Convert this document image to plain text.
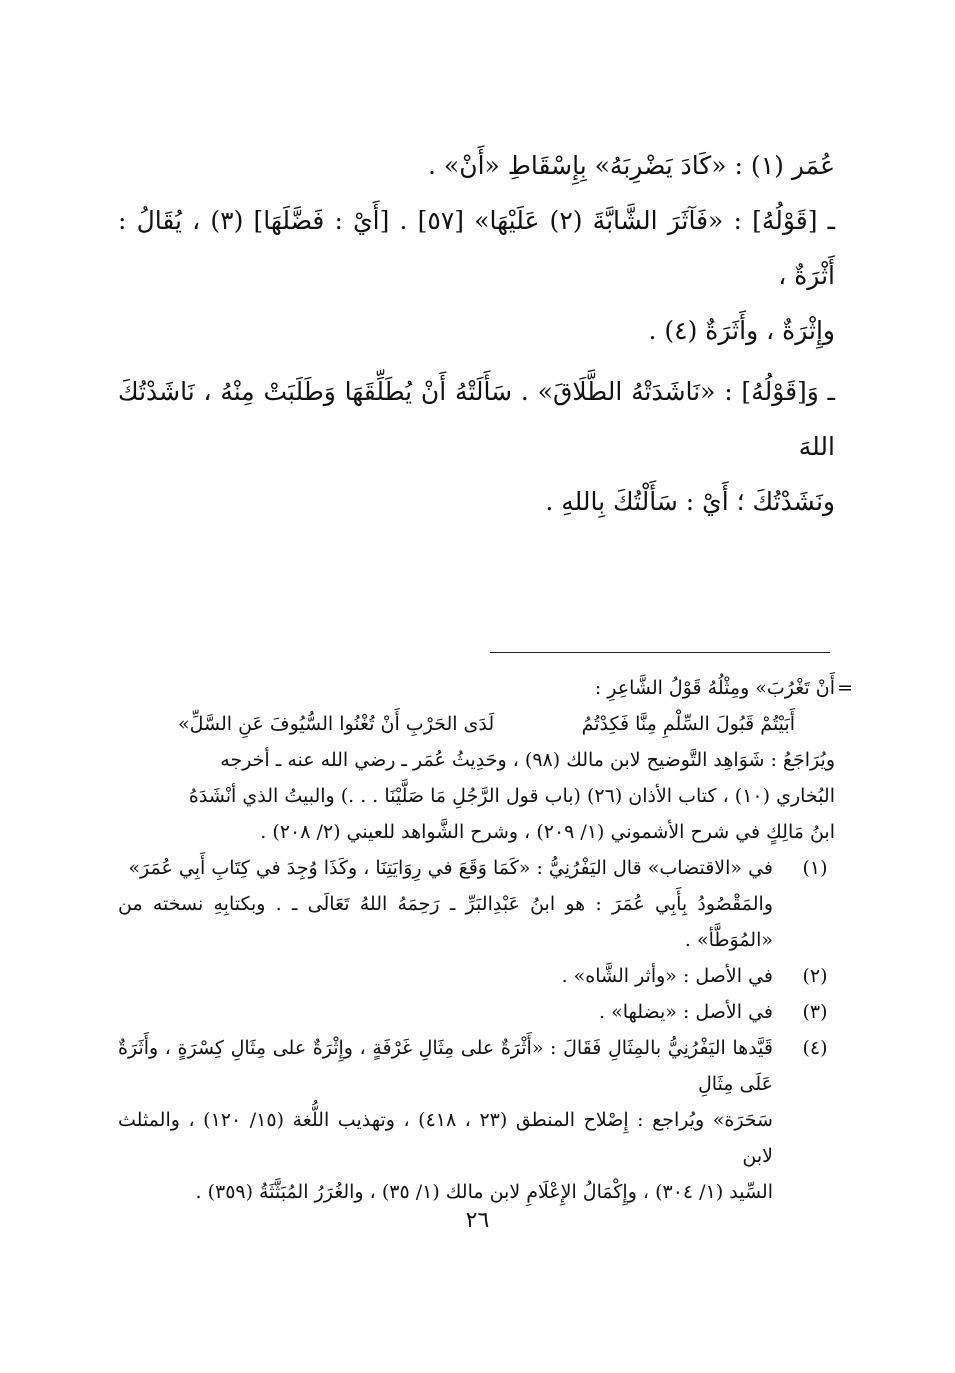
عُمَر (١) : «كَادَ يَضْرِبَهُ» بِإِسْقَاطِ «أَنْ» .

ـ [قَوْلُهُ] : «فَآثَرَ الشَّابَّةَ (٢) عَلَيْهَا» [٥٧] . [أَيْ : فَضَّلَهَا] (٣) ، يُقَالُ : أَثْرَةٌ ،

وإِثْرَةٌ ، وأَثَرَةٌ (٤) .

ـ وَ[قَوْلُهُ] : «نَاشَدَتْهُ الطَّلَاقَ» . سَأَلَتْهُ أَنْ يُطَلِّقَهَا وَطَلَبَتْ مِنْهُ ، نَاشَدْتُكَ اللهَ

ونَشَدْتُكَ ؛ أَيْ : سَأَلْتُكَ بِاللهِ .

=
أَنْ تَغْرُبَ» ومِثْلُهُ قَوْلُ الشَّاعِرِ :

أَبَيْتُمْ قَبُولَ السِّلْمِ مِنَّا فَكِدْتُمُ
لَدَى الحَرْبِ أَنْ تُغْنُوا السُّيُوفَ عَنِ السَّلِّ»

ويُرَاجَعُ : شَوَاهِد التَّوضيح لابن مالك (٩٨) ، وحَدِيثُ عُمَر ـ رضي الله عنه ـ أخرجه

البُخاري (١٠) ، كتاب الأذان (٢٦) (باب قول الرَّجُلِ مَا صَلَّيْنَا . . .) والبيتُ الذي أنْشَدَهُ

ابنُ مَالِكٍ في شرح الأشموني (١/ ٢٠٩) ، وشرح الشَّواهد للعيني (٢/ ٢٠٨) .

(١)

في «الاقتضاب» قال اليَفْرُنِيُّ : «كَمَا وَقَعَ في رِوَايَتِنَا ، وكَذَا وُجِدَ في كِتَابِ أَبِي عُمَرَ»

والمَقْصُودُ بِأَبِي عُمَرَ : هو ابنُ عَبْدِالبَرِّ ـ رَحِمَهُ اللهُ تَعَالَى ـ . وبكتابِهِ نسخته من «المُوَطَّأ» .

(٢)

في الأصل : «وأثر الشَّاه» .

(٣)

في الأصل : «يضلها» .

(٤)

قَيَّدها اليَفْرُنِيُّ بالمِثَالِ فَقَالَ : «أَثْرَةٌ على مِثَالِ غَرْفَةٍ ، وإِثْرَةٌ على مِثَالِ كِسْرَةٍ ، وأَثَرَةٌ عَلَى مِثَالِ

سَحَرَة» ويُراجع : إِصْلاح المنطق (٢٣ ، ٤١٨) ، وتهذيب اللُّغة (١٥/ ١٢٠) ، والمثلث لابن

السِّيد (١/ ٣٠٤) ، وإِكْمَالُ الإِعْلَامِ لابن مالك (١/ ٣٥) ، والغُرَرُ المُبَثَّثَةُ (٣٥٩) .

٢٦
